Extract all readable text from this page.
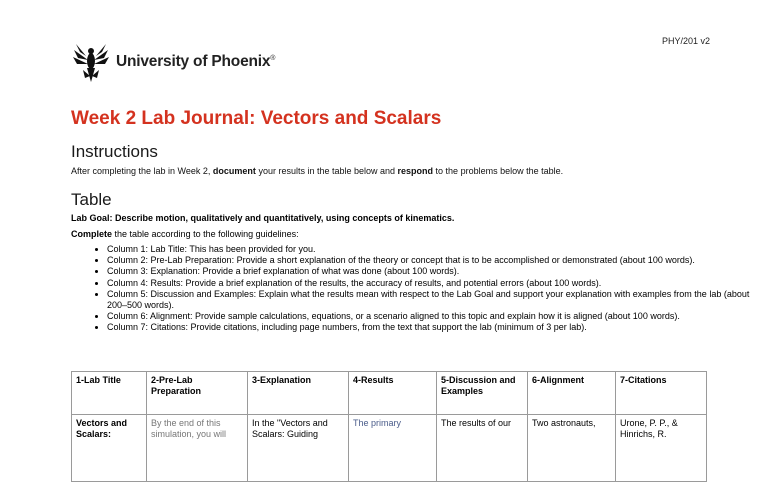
PHY/201 v2
University of Phoenix®
Week 2 Lab Journal: Vectors and Scalars
Instructions

After completing the lab in Week 2, document your results in the table below and respond to the problems below the table.

Table

Lab Goal: Describe motion, qualitatively and quantitatively, using concepts of kinematics.

Complete the table according to the following guidelines:

• Column 1: Lab Title: This has been provided for you.
• Column 2: Pre-Lab Preparation: Provide a short explanation of the theory or concept that is to be accomplished or demonstrated (about 100 words).
• Column 3: Explanation: Provide a brief explanation of what was done (about 100 words).
• Column 4: Results: Provide a brief explanation of the results, the accuracy of results, and potential errors (about 100 words).
• Column 5: Discussion and Examples: Explain what the results mean with respect to the Lab Goal and support your explanation with examples from the lab (about 200–500 words).
• Column 6: Alignment: Provide sample calculations, equations, or a scenario aligned to this topic and explain how it is aligned (about 100 words).
• Column 7: Citations: Provide citations, including page numbers, from the text that support the lab (minimum of 3 per lab).
1-Lab Title	2-Pre-Lab Preparation	3-Explanation	4-Results	5-Discussion and Examples	6-Alignment	7-Citations
Vectors and Scalars:	By the end of this simulation, you will	In the "Vectors and Scalars: Guiding	The primary	The results of our	Two astronauts,	Urone, P. P., & Hinrichs, R.
